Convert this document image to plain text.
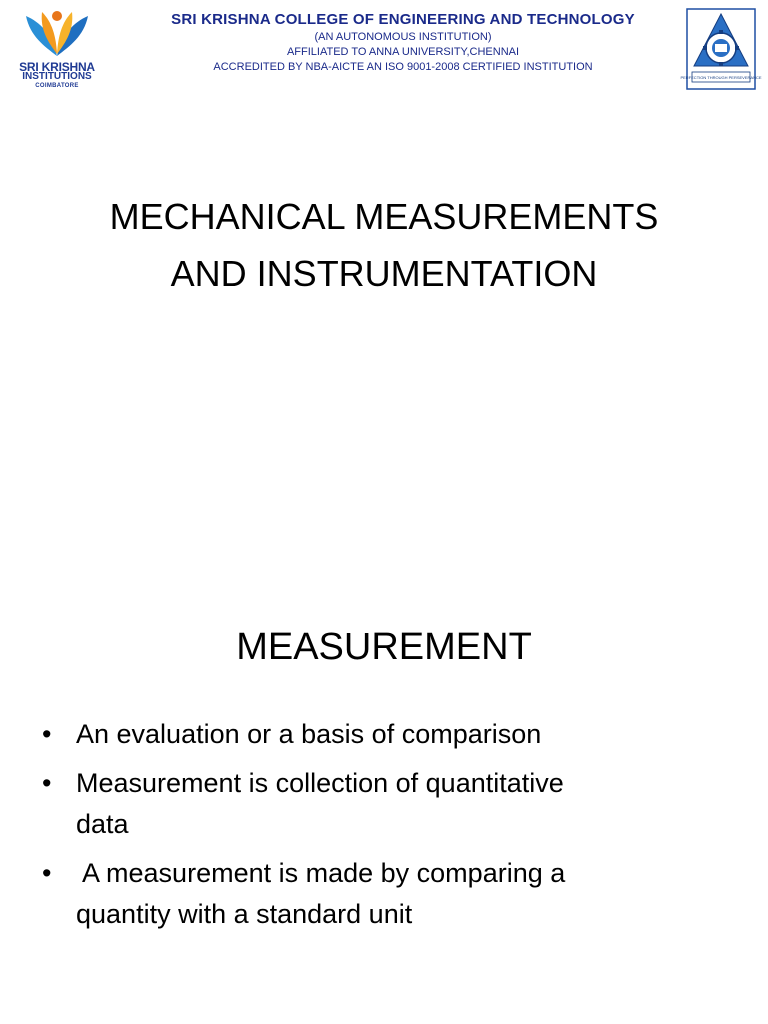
SRI KRISHNA
INSTITUTIONS
COIMBATORE
SRI KRISHNA COLLEGE OF ENGINEERING AND TECHNOLOGY
(AN AUTONOMOUS INSTITUTION)
AFFILIATED TO ANNA UNIVERSITY,CHENNAI
ACCREDITED BY NBA-AICTE AN ISO 9001-2008 CERTIFIED INSTITUTION
PERFECTION THROUGH PERSEVERANCE
MECHANICAL MEASUREMENTS
AND INSTRUMENTATION
MEASUREMENT
• An evaluation or a basis of comparison
• Measurement is collection of quantitative
data
• A measurement is made by comparing a
quantity with a standard unit
